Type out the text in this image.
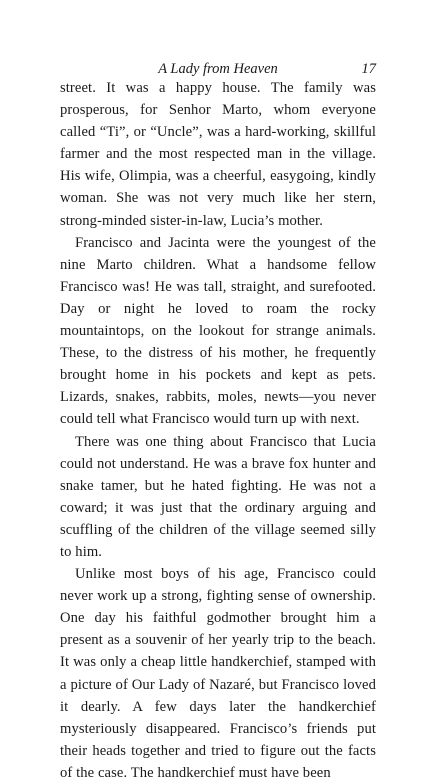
A Lady from Heaven	17

street. It was a happy house. The family was prosperous, for Senhor Marto, whom everyone called “Ti”, or “Uncle”, was a hard-working, skillful farmer and the most respected man in the village. His wife, Olimpia, was a cheerful, easygoing, kindly woman. She was not very much like her stern, strong-minded sister-in-law, Lucia’s mother.

Francisco and Jacinta were the youngest of the nine Marto children. What a handsome fellow Francisco was! He was tall, straight, and surefooted. Day or night he loved to roam the rocky mountaintops, on the lookout for strange animals. These, to the distress of his mother, he frequently brought home in his pockets and kept as pets. Lizards, snakes, rabbits, moles, newts—you never could tell what Francisco would turn up with next.

There was one thing about Francisco that Lucia could not understand. He was a brave fox hunter and snake tamer, but he hated fighting. He was not a coward; it was just that the ordinary arguing and scuffling of the children of the village seemed silly to him.

Unlike most boys of his age, Francisco could never work up a strong, fighting sense of ownership. One day his faithful godmother brought him a present as a souvenir of her yearly trip to the beach. It was only a cheap little handkerchief, stamped with a picture of Our Lady of Nazaré, but Francisco loved it dearly. A few days later the handkerchief mysteriously disappeared. Francisco’s friends put their heads together and tried to figure out the facts of the case. The handkerchief must have been
